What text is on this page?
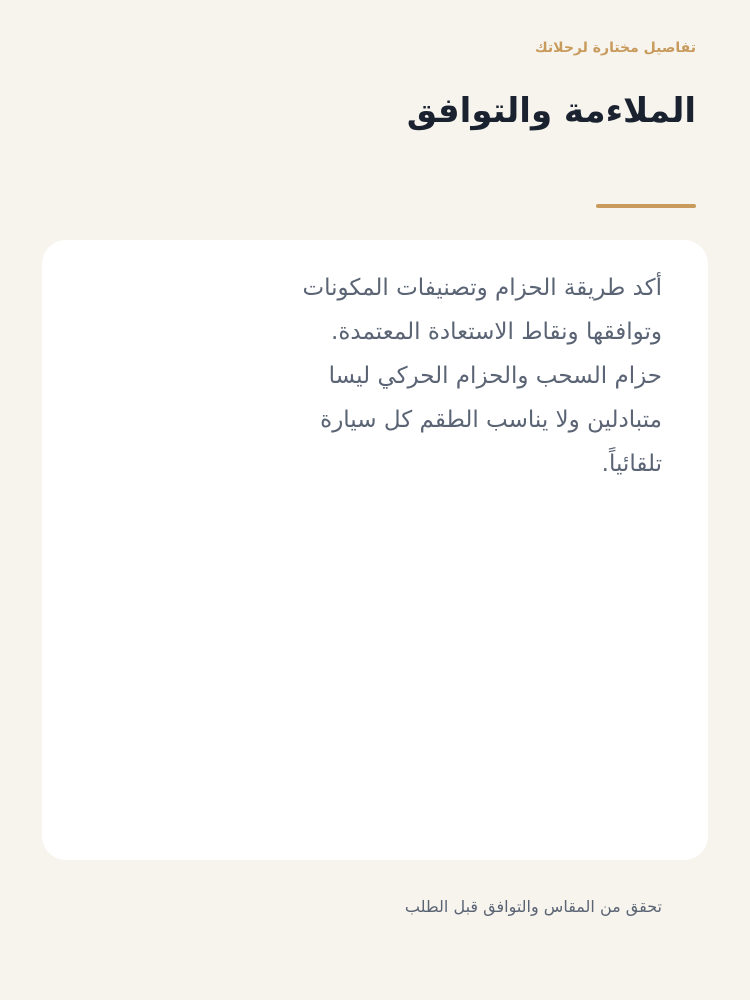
تفاصيل مختارة لرحلاتك
الملاءمة والتوافق

أكد طريقة الحزام وتصنيفات المكونات وتوافقها ونقاط الاستعادة المعتمدة. حزام السحب والحزام الحركي ليسا متبادلين ولا يناسب الطقم كل سيارة تلقائياً.

تحقق من المقاس والتوافق قبل الطلب
